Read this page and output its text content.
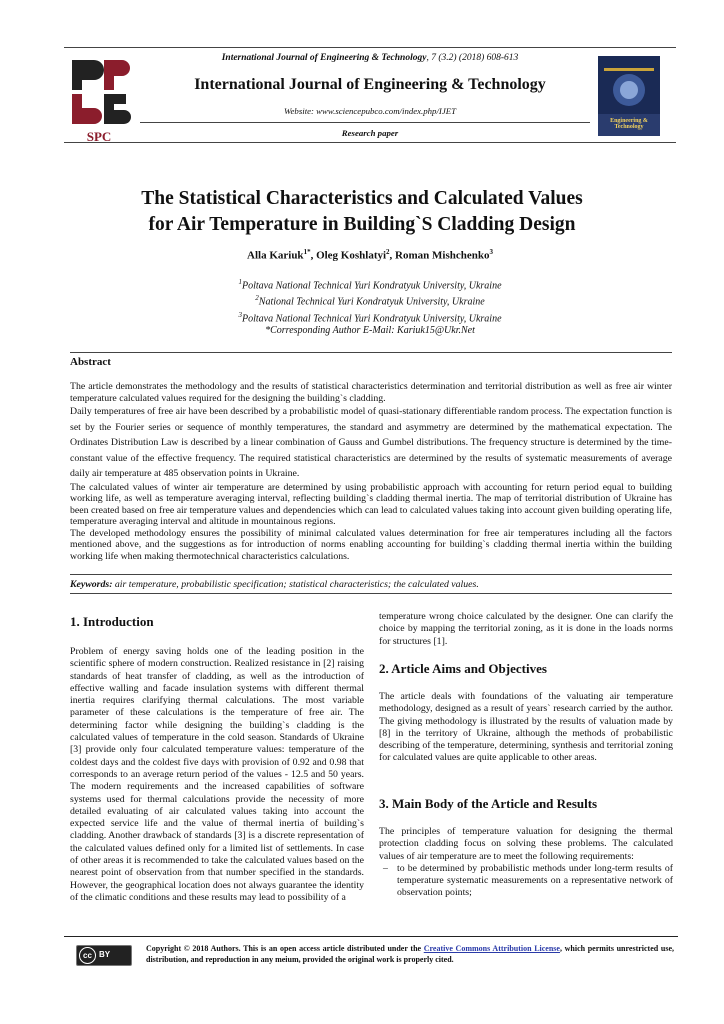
International Journal of Engineering & Technology, 7 (3.2) (2018) 608-613
SPC
International Journal of Engineering & Technology
Website: www.sciencepubco.com/index.php/IJET
Research paper
Engineering & Technology
The Statistical Characteristics and Calculated Values
for Air Temperature in Building`S Cladding Design
Alla Kariuk$^{1*}$, Oleg Koshlatyi$^2$, Roman Mishchenko$^3$
$^1$Poltava National Technical Yuri Kondratyuk University, Ukraine
$^2$National Technical Yuri Kondratyuk University, Ukraine
$^3$Poltava National Technical Yuri Kondratyuk University, Ukraine
*Corresponding Author E-Mail: Kariuk15@Ukr.Net
Abstract

The article demonstrates the methodology and the results of statistical characteristics determination and territorial distribution as well as free air winter temperature calculated values required for the designing the building`s cladding.

Daily temperatures of free air have been described by a probabilistic model of quasi-stationary differentiable random process. The expectation function is set by the Fourier series or sequence of monthly temperatures, the standard and asymmetry are determined by the mathematical expectation. The Ordinates Distribution Law is described by a linear combination of Gauss and Gumbel distributions. The frequency structure is determined by the time-constant value of the effective frequency. The required statistical characteristics are determined by the results of systematic measurements of average daily air temperature at 485 observation points in Ukraine.

The calculated values of winter air temperature are determined by using probabilistic approach with accounting for return period equal to building working life, as well as temperature averaging interval, reflecting building`s cladding thermal inertia. The map of territorial distribution of Ukraine has been created based on free air temperature values and dependencies which can lead to calculated values taking into account given building operating life, temperature averaging interval and altitude in mountainous regions.

The developed methodology ensures the possibility of minimal calculated values determination for free air temperatures including all the factors mentioned above, and the suggestions as for introduction of norms enabling accounting for building`s cladding thermal inertia within the building working life when making thermotechnical characteristics calculations.

Keywords: air temperature, probabilistic specification; statistical characteristics; the calculated values.
1. Introduction

Problem of energy saving holds one of the leading position in the scientific sphere of modern construction. Realized resistance in [2] raising standards of heat transfer of cladding, as well as the introduction of effective walling and facade insulation systems with different thermal inertia requires clarifying thermal calculations. The most variable parameter of these calculations is the temperature of free air. The determining factor while designing the building`s cladding is the calculated values of temperature in the cold season. Standards of Ukraine [3] provide only four calculated temperature values: temperature of the coldest days and the coldest five days with provision of 0.92 and 0.98 that corresponds to an average return period of the values - 12.5 and 50 years. The modern requirements and the increased capabilities of software systems used for thermal calculations provide the necessity of more detailed evaluating of air calculated values taking into account the expected service life and the value of thermal inertia of building`s cladding. Another drawback of standards [3] is a discrete representation of the calculated values defined only for a limited list of settlements. In case of other areas it is recommended to take the calculated values based on the nearest point of observation from that number specified in the standards. However, the geographical location does not always guarantee the identity of the climatic conditions and these results may lead to possibility of a

temperature wrong choice calculated by the designer. One can clarify the choice by mapping the territorial zoning, as it is done in the loads norms for structures [1].

2. Article Aims and Objectives

The article deals with foundations of the valuating air temperature methodology, designed as a result of years` research carried by the author. The giving methodology is illustrated by the results of valuation made by [8] in the territory of Ukraine, although the methods of probabilistic describing of the temperature, determining, synthesis and territorial zoning for calculated values are quite applicable to other areas.

3. Main Body of the Article and Results

The principles of temperature valuation for designing the thermal protection cladding focus on solving these problems. The calculated values of air temperature are to meet the following requirements:

– to be determined by probabilistic methods under long-term results of temperature systematic measurements on a representative network of observation points;
cc BY
Copyright © 2018 Authors. This is an open access article distributed under the Creative Commons Attribution License, which permits unrestricted use, distribution, and reproduction in any meium, provided the original work is properly cited.
